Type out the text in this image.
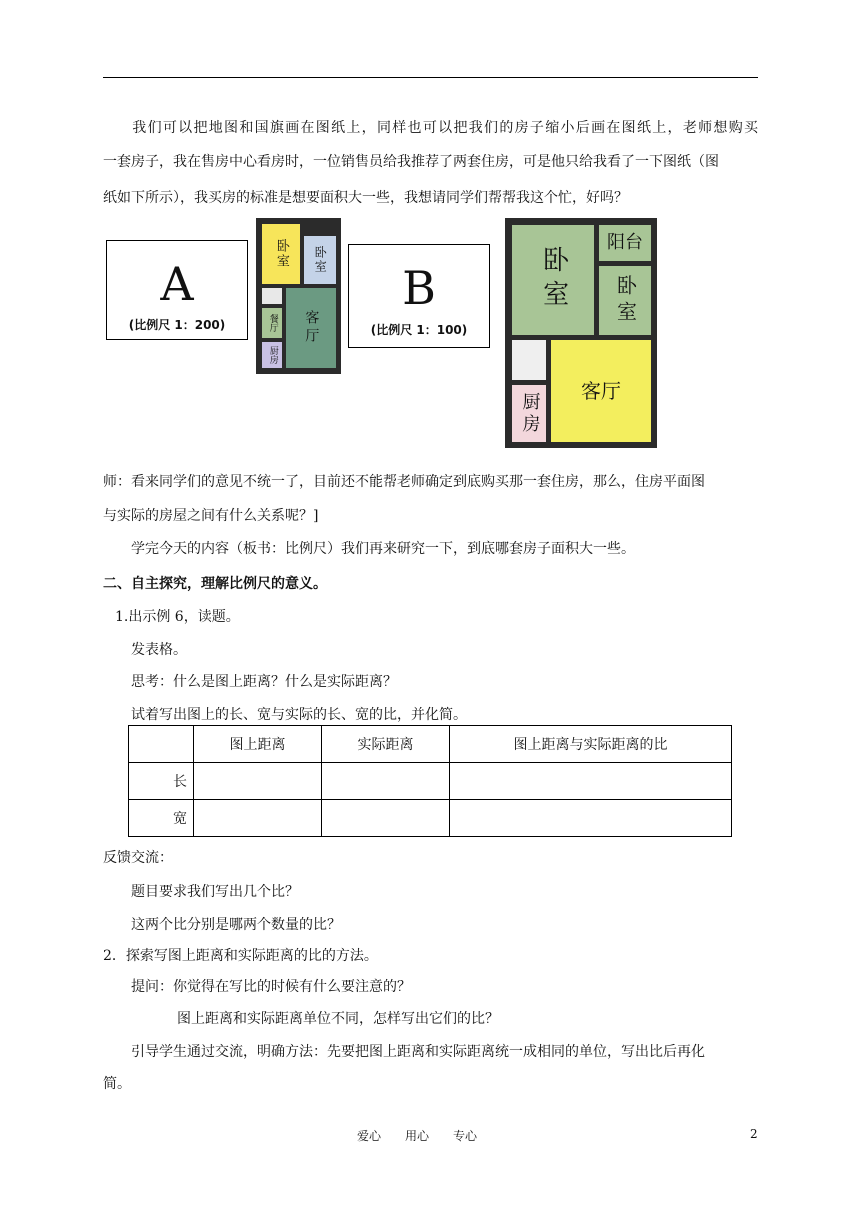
我们可以把地图和国旗画在图纸上，同样也可以把我们的房子缩小后画在图纸上，老师想购买
一套房子，我在售房中心看房时，一位销售员给我推荐了两套住房，可是他只给我看了一下图纸（图
纸如下所示），我买房的标准是想要面积大一些，我想请同学们帮帮我这个忙，好吗？
A
(比例尺 1：200)
卧室 卧室
客厅
餐厅
厨房
B
(比例尺 1：100)
卧室
阳台
卧室
客厅
厨房
师：看来同学们的意见不统一了，目前还不能帮老师确定到底购买那一套住房，那么，住房平面图
与实际的房屋之间有什么关系呢？]
学完今天的内容（板书：比例尺）我们再来研究一下，到底哪套房子面积大一些。
二、自主探究，理解比例尺的意义。
1.出示例 6，读题。
发表格。
思考：什么是图上距离？什么是实际距离？
试着写出图上的长、宽与实际的长、宽的比，并化简。
	图上距离	实际距离	图上距离与实际距离的比
长			
宽			
反馈交流：
题目要求我们写出几个比？
这两个比分别是哪两个数量的比？
2．探索写图上距离和实际距离的比的方法。
提问：你觉得在写比的时候有什么要注意的？
图上距离和实际距离单位不同，怎样写出它们的比？
引导学生通过交流，明确方法：先要把图上距离和实际距离统一成相同的单位，写出比后再化
简。
爱心　　用心　　专心	2
